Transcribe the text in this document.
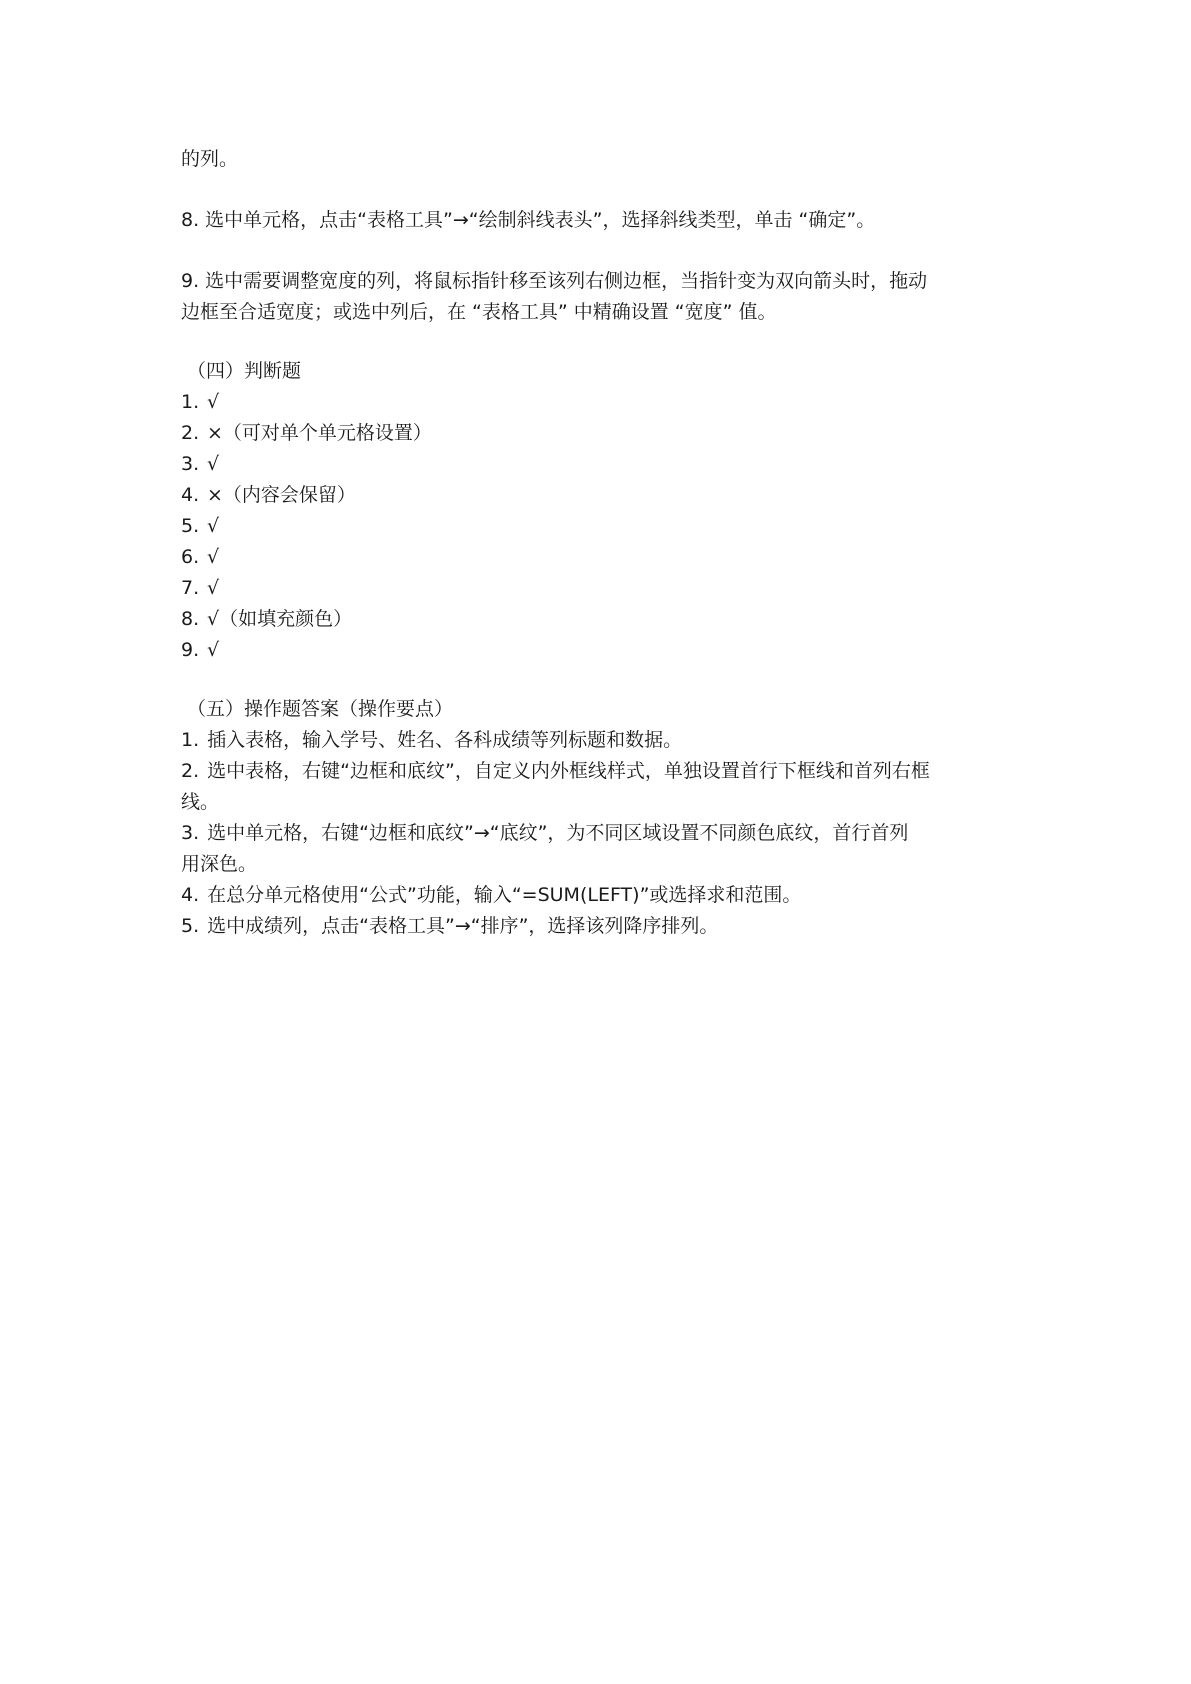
的列。

8. 选中单元格，点击“表格工具”→“绘制斜线表头”，选择斜线类型，单击 “确定”。

9. 选中需要调整宽度的列，将鼠标指针移至该列右侧边框，当指针变为双向箭头时，拖动

边框至合适宽度；或选中列后，在 “表格工具” 中精确设置 “宽度” 值。

（四）判断题

1. √

2. ×（可对单个单元格设置）

3. √

4. ×（内容会保留）

5. √

6. √

7. √

8. √（如填充颜色）

9. √

（五）操作题答案（操作要点）

1. 插入表格，输入学号、姓名、各科成绩等列标题和数据。
2. 选中表格，右键“边框和底纹”，自定义内外框线样式，单独设置首行下框线和首列右框
线。
3. 选中单元格，右键“边框和底纹”→“底纹”，为不同区域设置不同颜色底纹，首行首列
用深色。
4. 在总分单元格使用“公式”功能，输入“=SUM(LEFT)”或选择求和范围。
5. 选中成绩列，点击“表格工具”→“排序”，选择该列降序排列。
